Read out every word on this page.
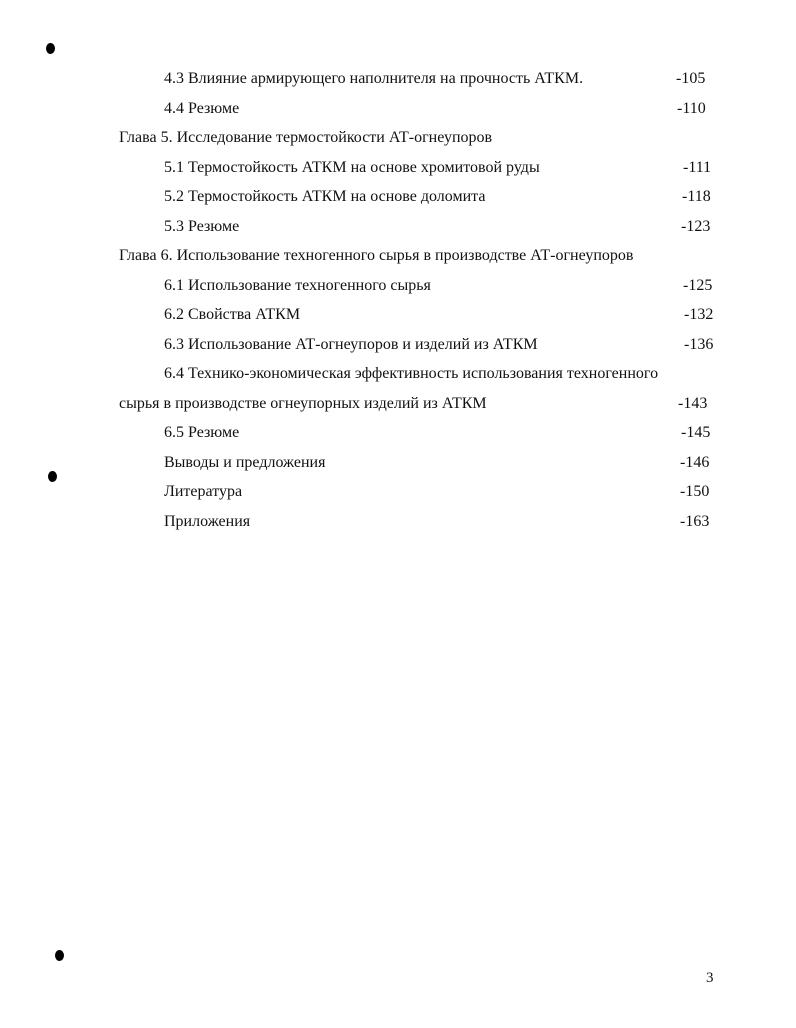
4.3 Влияние армирующего наполнителя на прочность АТКМ.	-105
4.4 Резюме	-110
Глава 5. Исследование термостойкости АТ-огнеупоров
5.1 Термостойкость АТКМ на основе хромитовой руды	-111
5.2 Термостойкость АТКМ на основе доломита	-118
5.3 Резюме	-123
Глава 6. Использование техногенного сырья в производстве АТ-огнеупоров
6.1 Использование техногенного сырья	-125
6.2 Свойства АТКМ	-132
6.3 Использование АТ-огнеупоров и изделий из АТКМ	-136
6.4 Технико-экономическая эффективность использования техногенного
сырья в производстве огнеупорных изделий из АТКМ	-143
6.5 Резюме	-145
Выводы и предложения	-146
Литература	-150
Приложения	-163
3
